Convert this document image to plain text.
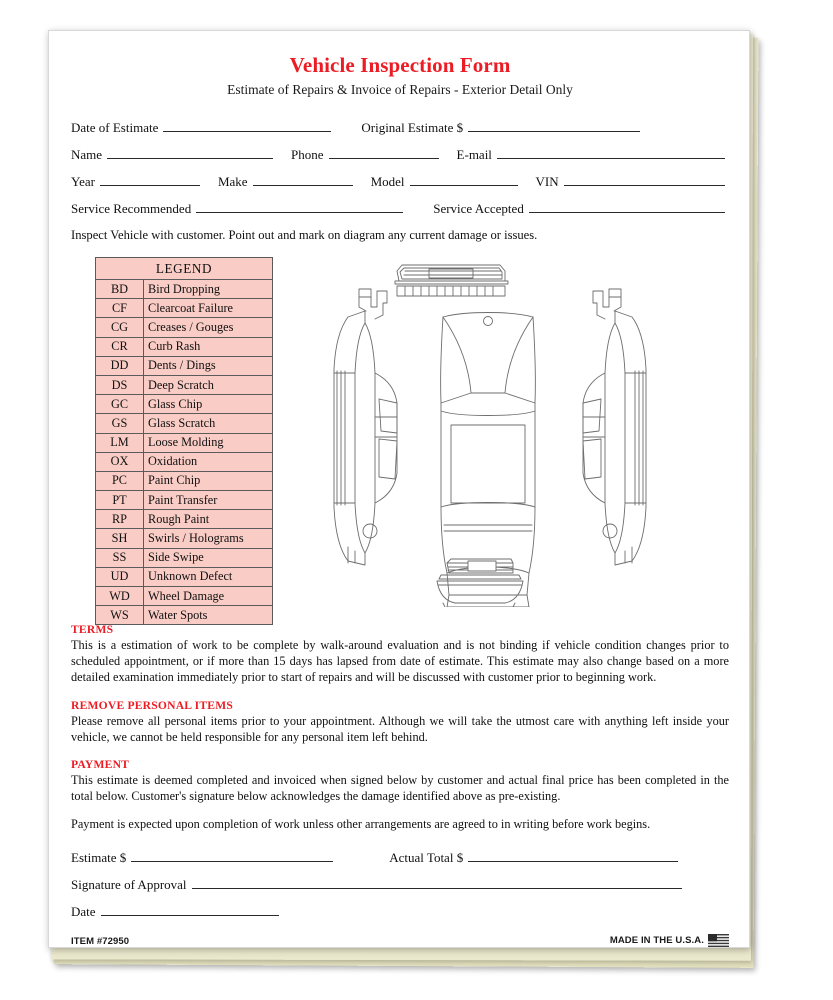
Vehicle Inspection Form
Estimate of Repairs & Invoice of Repairs - Exterior Detail Only
Date of Estimate	Original Estimate $
Name	Phone	E-mail
Year	Make	Model	VIN
Service Recommended	Service Accepted
Inspect Vehicle with customer. Point out and mark on diagram any current damage or issues.
LEGEND	
BD	Bird Dropping
CF	Clearcoat Failure
CG	Creases / Gouges
CR	Curb Rash
DD	Dents / Dings
DS	Deep Scratch
GC	Glass Chip
GS	Glass Scratch
LM	Loose Molding
OX	Oxidation
PC	Paint Chip
PT	Paint Transfer
RP	Rough Paint
SH	Swirls / Holograms
SS	Side Swipe
UD	Unknown Defect
WD	Wheel Damage
WS	Water Spots
TERMS
This is a estimation of work to be complete by walk-around evaluation and is not binding if vehicle condition changes prior to scheduled appointment, or if more than 15 days has lapsed from date of estimate. This estimate may also change based on a more detailed examination immediately prior to start of repairs and will be discussed with customer prior to beginning work.
REMOVE PERSONAL ITEMS
Please remove all personal items prior to your appointment. Although we will take the utmost care with anything left inside your vehicle, we cannot be held responsible for any personal item left behind.
PAYMENT
This estimate is deemed completed and invoiced when signed below by customer and actual final price has been completed in the total below. Customer's signature below acknowledges the damage identified above as pre-existing.
Payment is expected upon completion of work unless other arrangements are agreed to in writing before work begins.
Estimate $	Actual Total $
Signature of Approval
Date
ITEM #72950	MADE IN THE U.S.A.
